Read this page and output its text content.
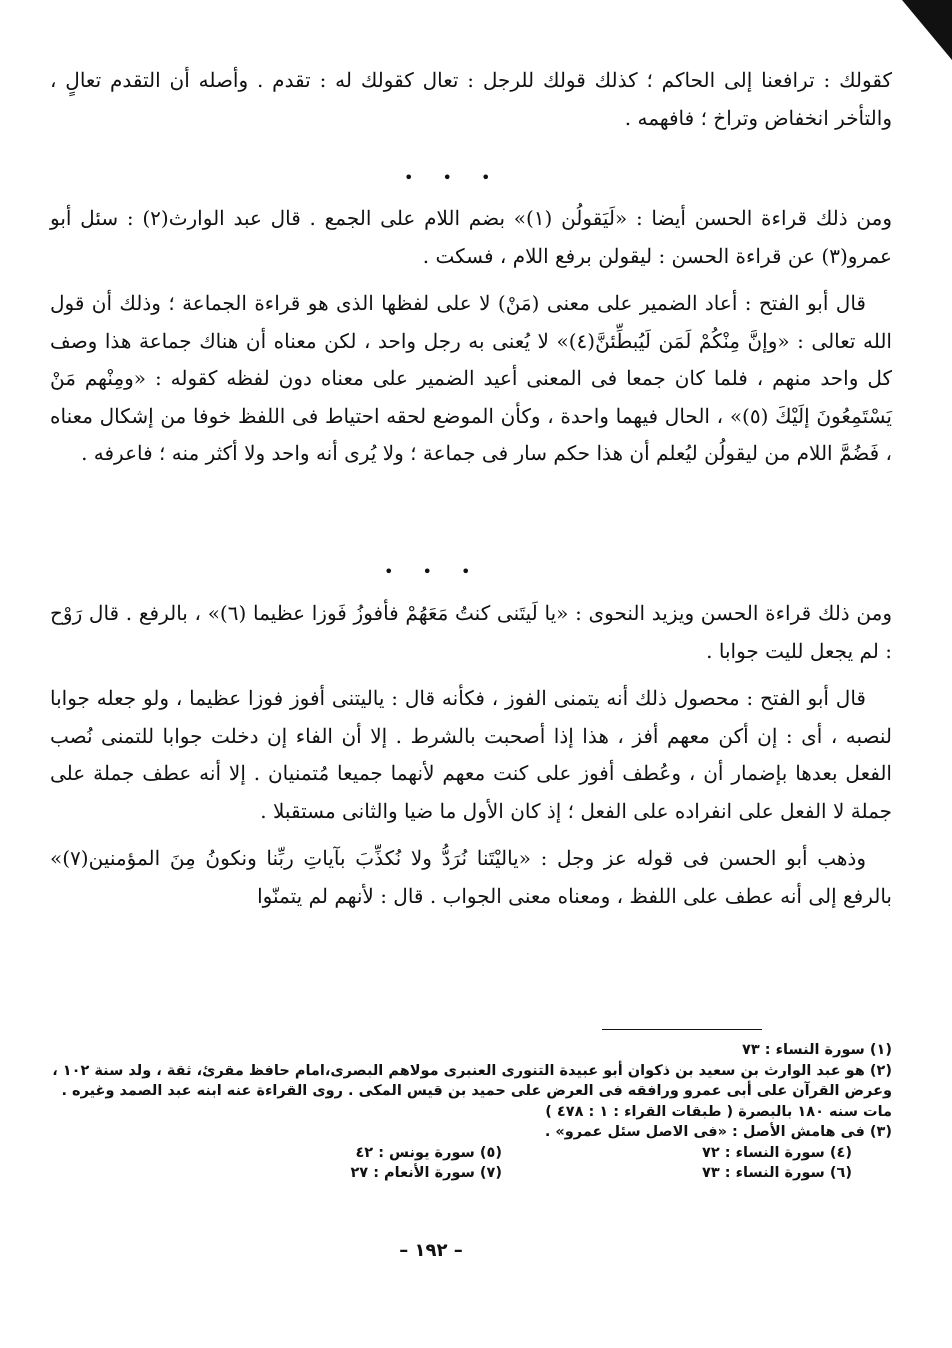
كقولك : ترافعنا إلى الحاكم ؛ كذلك قولك للرجل : تعال كقولك له : تقدم . وأصله أن التقدم تعالٍ ، والتأخر انخفاض وتراخ ؛ فافهمه .

• • •

ومن ذلك قراءة الحسن أيضا : «لَيَقولُن (١)» بضم اللام على الجمع . قال عبد الوارث(٢) : سئل أبو عمرو(٣) عن قراءة الحسن : ليقولن برفع اللام ، فسكت .

قال أبو الفتح : أعاد الضمير على معنى (مَنْ) لا على لفظها الذى هو قراءة الجماعة ؛ وذلك أن قول الله تعالى : «وإنَّ مِنْكُمْ لَمَن لَيُبطِّئنَّ(٤)» لا يُعنى به رجل واحد ، لكن معناه أن هناك جماعة هذا وصف كل واحد منهم ، فلما كان جمعا فى المعنى أعيد الضمير على معناه دون لفظه كقوله : «ومِنْهم مَنْ يَسْتَمِعُونَ إلَيْكَ (٥)» ، الحال فيهما واحدة ، وكأن الموضع لحقه احتياط فى اللفظ خوفا من إشكال معناه ، فَضُمَّ اللام من ليقولُن ليُعلم أن هذا حكم سار فى جماعة ؛ ولا يُرى أنه واحد ولا أكثر منه ؛ فاعرفه .

• • •

ومن ذلك قراءة الحسن ويزيد النحوى : «يا لَيتَنى كنتُ مَعَهُمْ فأفوزُ فَوزا عظيما (٦)» ، بالرفع . قال رَوْح : لم يجعل لليت جوابا .

قال أبو الفتح : محصول ذلك أنه يتمنى الفوز ، فكأنه قال : ياليتنى أفوز فوزا عظيما ، ولو جعله جوابا لنصبه ، أى : إن أكن معهم أفز ، هذا إذا أصحبت بالشرط . إلا أن الفاء إن دخلت جوابا للتمنى نُصب الفعل بعدها بإضمار أن ، وعُطف أفوز على كنت معهم لأنهما جميعا مُتمنيان . إلا أنه عطف جملة على جملة لا الفعل على انفراده على الفعل ؛ إذ كان الأول ما ضيا والثانى مستقبلا .

وذهب أبو الحسن فى قوله عز وجل : «ياليْتَنا نُرَدُّ ولا نُكذِّبَ بآياتِ ربِّنا ونكونُ مِنَ المؤمنين(٧)» بالرفع إلى أنه عطف على اللفظ ، ومعناه معنى الجواب . قال : لأنهم لم يتمنّوا

(١) سورة النساء : ٧٣

(٢) هو عبد الوارث بن سعيد بن ذكوان أبو عبيدة التنورى العنبرى مولاهم البصرى،امام حافظ مقرئ، ثقة ، ولد سنة ١٠٢ ، وعرض القرآن على أبى عمرو ورافقه فى العرض على حميد بن قيس المكى . روى القراءة عنه ابنه عبد الصمد وغيره . مات سنه ١٨٠ بالبصرة ( طبقات القراء : ١ : ٤٧٨ )

(٣) فى هامش الأصل : «فى الاصل سئل عمرو» .

(٤) سورة النساء : ٧٢

(٥) سورة يونس : ٤٢

(٦) سورة النساء : ٧٣

(٧) سورة الأنعام : ٢٧

– ١٩٢ –
